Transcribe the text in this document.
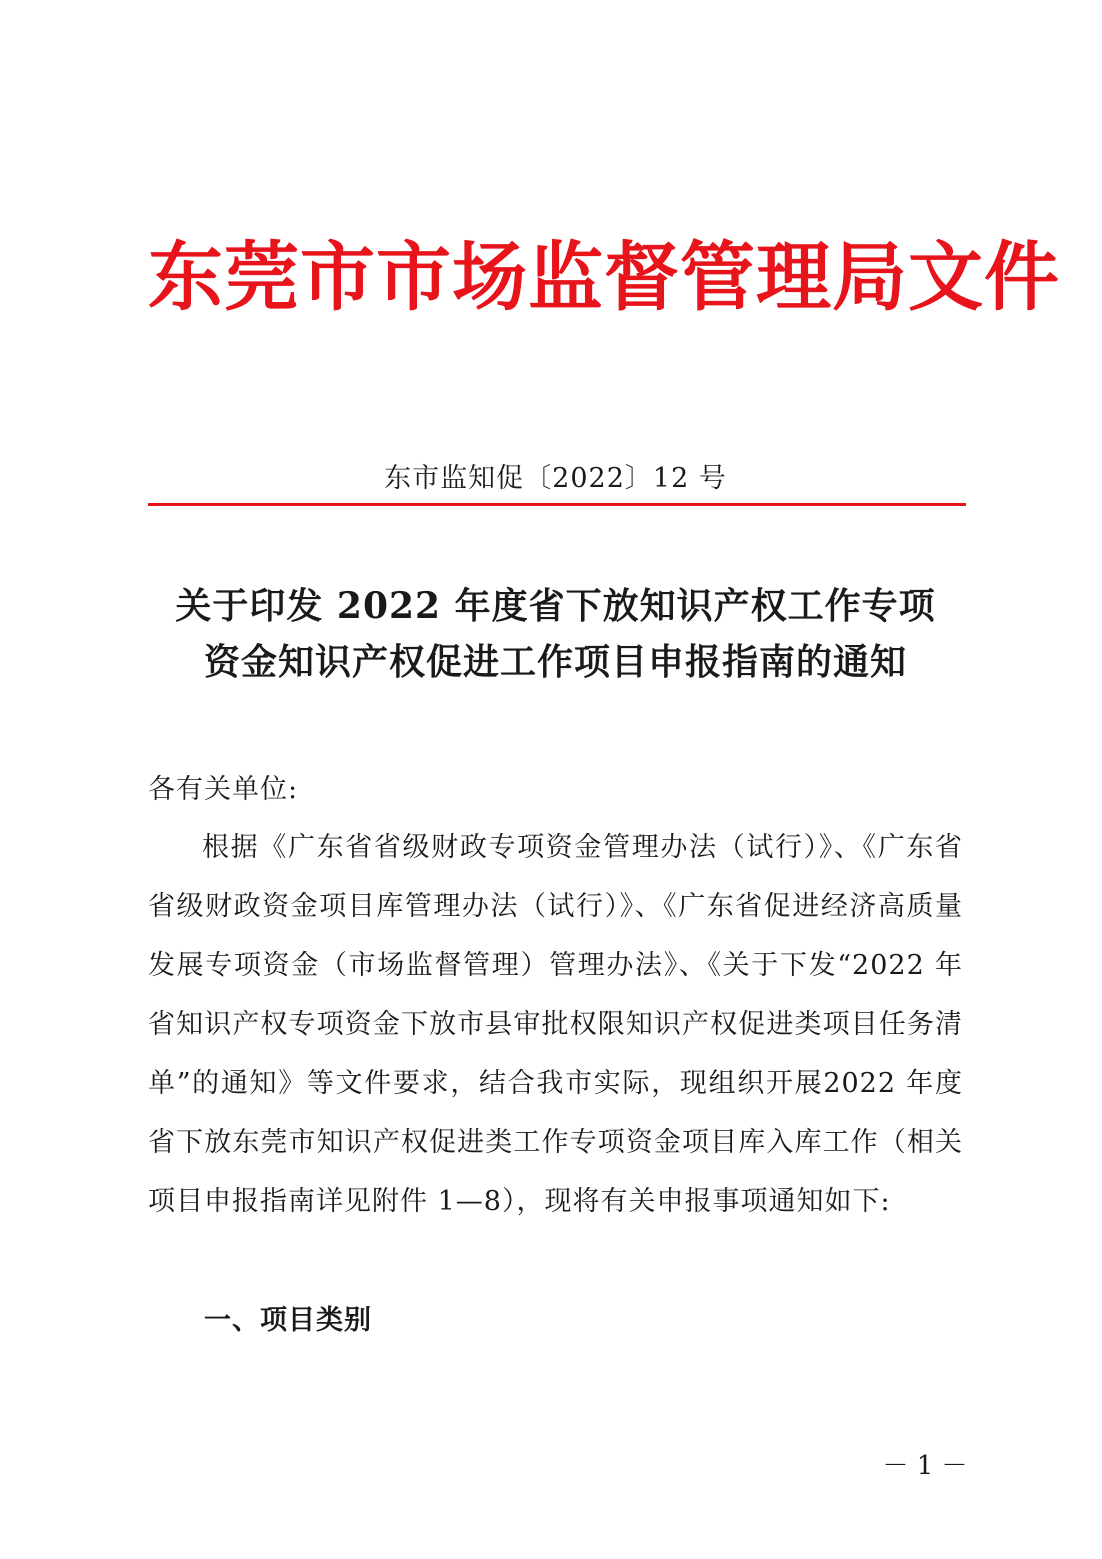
东莞市市场监督管理局文件
东市监知促〔2022〕12 号
关于印发 2022 年度省下放知识产权工作专项
资金知识产权促进工作项目申报指南的通知
各有关单位:
根据《广东省省级财政专项资金管理办法（试行）》、《广东省省级财政资金项目库管理办法（试行）》、《广东省促进经济高质量发展专项资金（市场监督管理）管理办法》、《关于下发“2022 年省知识产权专项资金下放市县审批权限知识产权促进类项目任务清单”的通知》等文件要求，结合我市实际，现组织开展2022 年度省下放东莞市知识产权促进类工作专项资金项目库入库工作（相关项目申报指南详见附件 1—8），现将有关申报事项通知如下:
一、项目类别
－ 1 －
